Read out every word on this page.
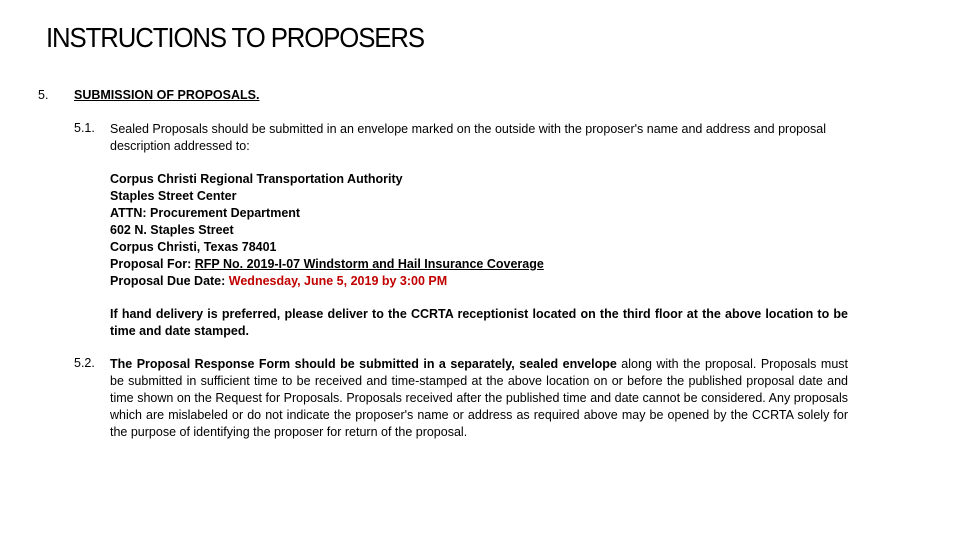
INSTRUCTIONS TO PROPOSERS
5. SUBMISSION OF PROPOSALS.
5.1. Sealed Proposals should be submitted in an envelope marked on the outside with the proposer's name and address and proposal description addressed to:
Corpus Christi Regional Transportation Authority
Staples Street Center
ATTN: Procurement Department
602 N. Staples Street
Corpus Christi, Texas 78401
Proposal For: RFP No. 2019-I-07 Windstorm and Hail Insurance Coverage
Proposal Due Date: Wednesday, June 5, 2019 by 3:00 PM
If hand delivery is preferred, please deliver to the CCRTA receptionist located on the third floor at the above location to be time and date stamped.
5.2. The Proposal Response Form should be submitted in a separately, sealed envelope along with the proposal. Proposals must be submitted in sufficient time to be received and time-stamped at the above location on or before the published proposal date and time shown on the Request for Proposals. Proposals received after the published time and date cannot be considered. Any proposals which are mislabeled or do not indicate the proposer's name or address as required above may be opened by the CCRTA solely for the purpose of identifying the proposer for return of the proposal.
